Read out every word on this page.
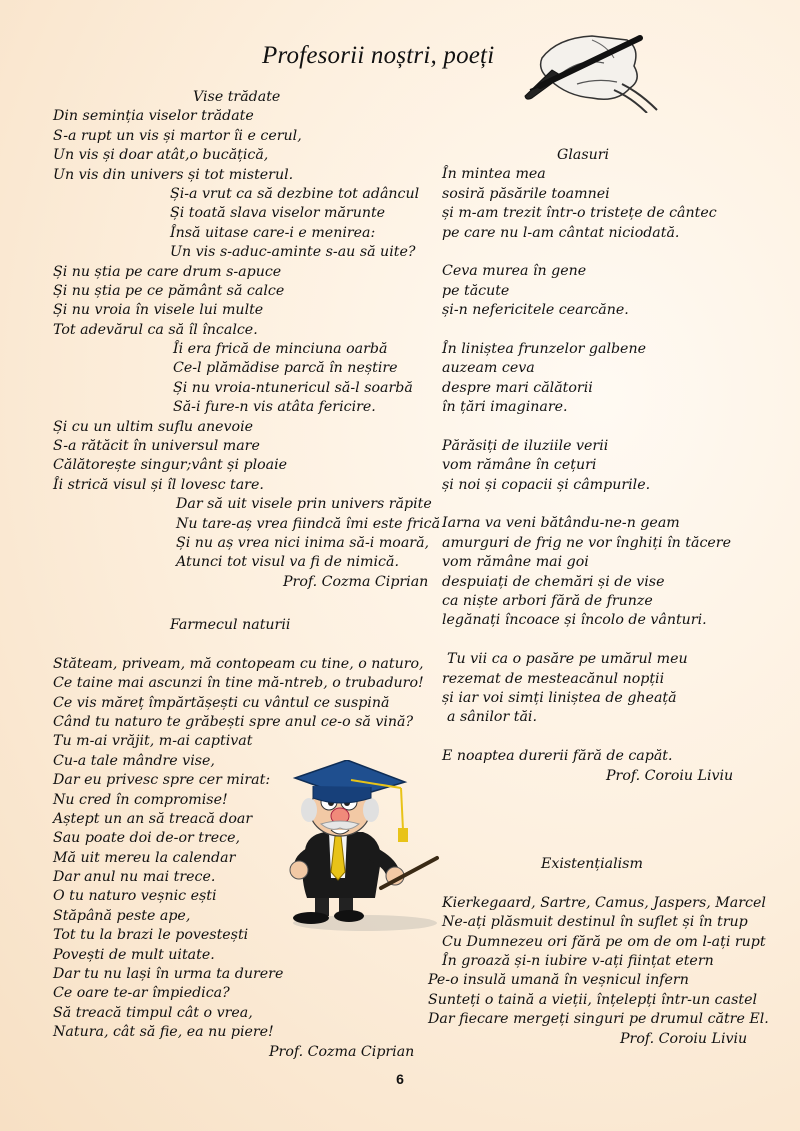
Profesorii noștri, poeți
Vise trădate
Din seminția viselor trădate
S-a rupt un vis și martor îi e cerul,
Un vis și doar atât,o bucățică,
Un vis din univers și tot misterul.
Și-a vrut ca să dezbine tot adâncul
Și toată slava viselor mărunte
Însă uitase care-i e menirea:
Un vis s-aduc-aminte s-au să uite?
Și nu știa pe care drum s-apuce
Și nu știa pe ce pământ să calce
Și nu vroia în visele lui multe
Tot adevărul ca să îl încalce.
Îi era frică de minciuna oarbă
Ce-l plămădise parcă în neștire
Și nu vroia-ntunericul să-l soarbă
Să-i fure-n vis atâta fericire.
Și cu un ultim suflu anevoie
S-a rătăcit în universul mare
Călătorește singur;vânt și ploaie
Îi strică visul și îl lovesc tare.
Dar să uit visele prin univers răpite
Nu tare-aș vrea fiindcă îmi este frică
Și nu aș vrea nici inima să-i moară,
Atunci tot visul va fi de nimică.
Prof. Cozma Ciprian
Farmecul naturii
Stăteam, priveam, mă contopeam cu tine, o naturo,
Ce taine mai ascunzi în tine mă-ntreb, o trubaduro!
Ce vis măreț împărtășești cu vântul ce suspină
Când tu naturo te grăbești spre anul ce-o să vină?
Tu m-ai vrăjit, m-ai captivat
Cu-a tale mândre vise,
Dar eu privesc spre cer mirat:
Nu cred în compromise!
Aștept un an să treacă doar
Sau poate doi de-or trece,
Mă uit mereu la calendar
Dar anul nu mai trece.
O tu naturo veșnic ești
Stăpână peste ape,
Tot tu la brazi le povestești
Povești de mult uitate.
Dar tu nu lași în urma ta durere
Ce oare te-ar împiedica?
Să treacă timpul cât o vrea,
Natura, cât să fie, ea nu piere!
Prof. Cozma Ciprian
Glasuri
În mintea mea
sosiră păsările toamnei
și m-am trezit într-o tristețe de cântec
pe care nu l-am cântat niciodată.
Ceva murea în gene
pe tăcute
și-n nefericitele cearcăne.
În liniștea frunzelor galbene
auzeam ceva
despre mari călătorii
în țări imaginare.
Părăsiți de iluziile verii
vom rămâne în cețuri
și noi și copacii și câmpurile.
Iarna va veni bătându-ne-n geam
amurguri de frig ne vor înghiți în tăcere
vom rămâne mai goi
despuiați de chemări și de vise
ca niște arbori fără de frunze
legănați încoace și încolo de vânturi.
Tu vii ca o pasăre pe umărul meu
rezemat de mesteacănul nopții
și iar voi simți liniștea de gheață
a sânilor tăi.
E noaptea durerii fără de capăt.
Prof. Coroiu Liviu
Existențialism
Kierkegaard, Sartre, Camus, Jaspers, Marcel
Ne-ați plăsmuit destinul în suflet și în trup
Cu Dumnezeu ori fără pe om de om l-ați rupt
În groază și-n iubire v-ați ființat etern
Pe-o insulă umană în veșnicul infern
Sunteți o taină a vieții, înțelepți într-un castel
Dar fiecare mergeți singuri pe drumul către El.
Prof. Coroiu Liviu
6
